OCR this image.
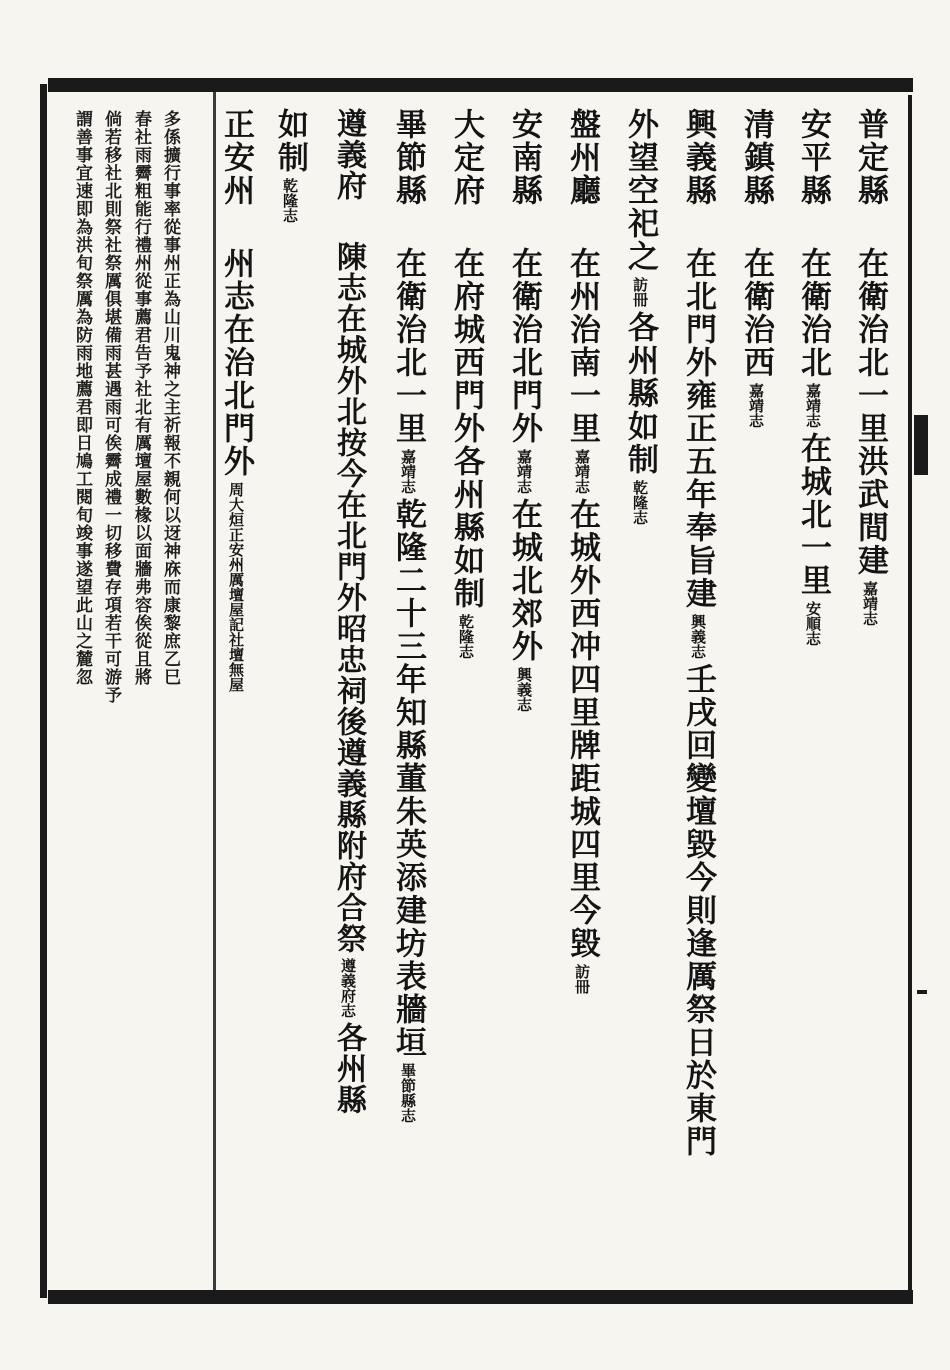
普定縣在衛治北一里洪武間建嘉靖志
安平縣在衛治北嘉靖志在城北一里安順志
清鎮縣在衛治西嘉靖志
興義縣在北門外雍正五年奉旨建興義志壬戌回變壇毀今則逢厲祭日於東門
外望空祀之訪冊各州縣如制乾隆志
盤州廳在州治南一里嘉靖志在城外西冲四里牌距城四里今毀訪冊
安南縣在衛治北門外嘉靖志在城北郊外興義志
大定府在府城西門外各州縣如制乾隆志
畢節縣在衛治北一里嘉靖志乾隆二十三年知縣董朱英添建坊表牆垣畢節縣志
遵義府陳志在城外北按今在北門外昭忠祠後遵義縣附府合祭遵義府志各州縣
如制乾隆志
正安州州志在治北門外周大烜正安州厲壇屋記社壇無屋
多係擴行事率從事州正為山川鬼神之主祈報不親何以迓神庥而康黎庶乙巳
春社雨霽粗能行禮州從事薦君告予社北有厲壇屋數椽以面牆弗容俟從且將
倘若移社北則祭社祭厲俱堪備雨甚遇雨可俟霽成禮一切移費存項若干可游予
謂善事宜速即為洪旬祭厲為防雨地薦君即日鳩工閱旬竣事遂望此山之麓忽
